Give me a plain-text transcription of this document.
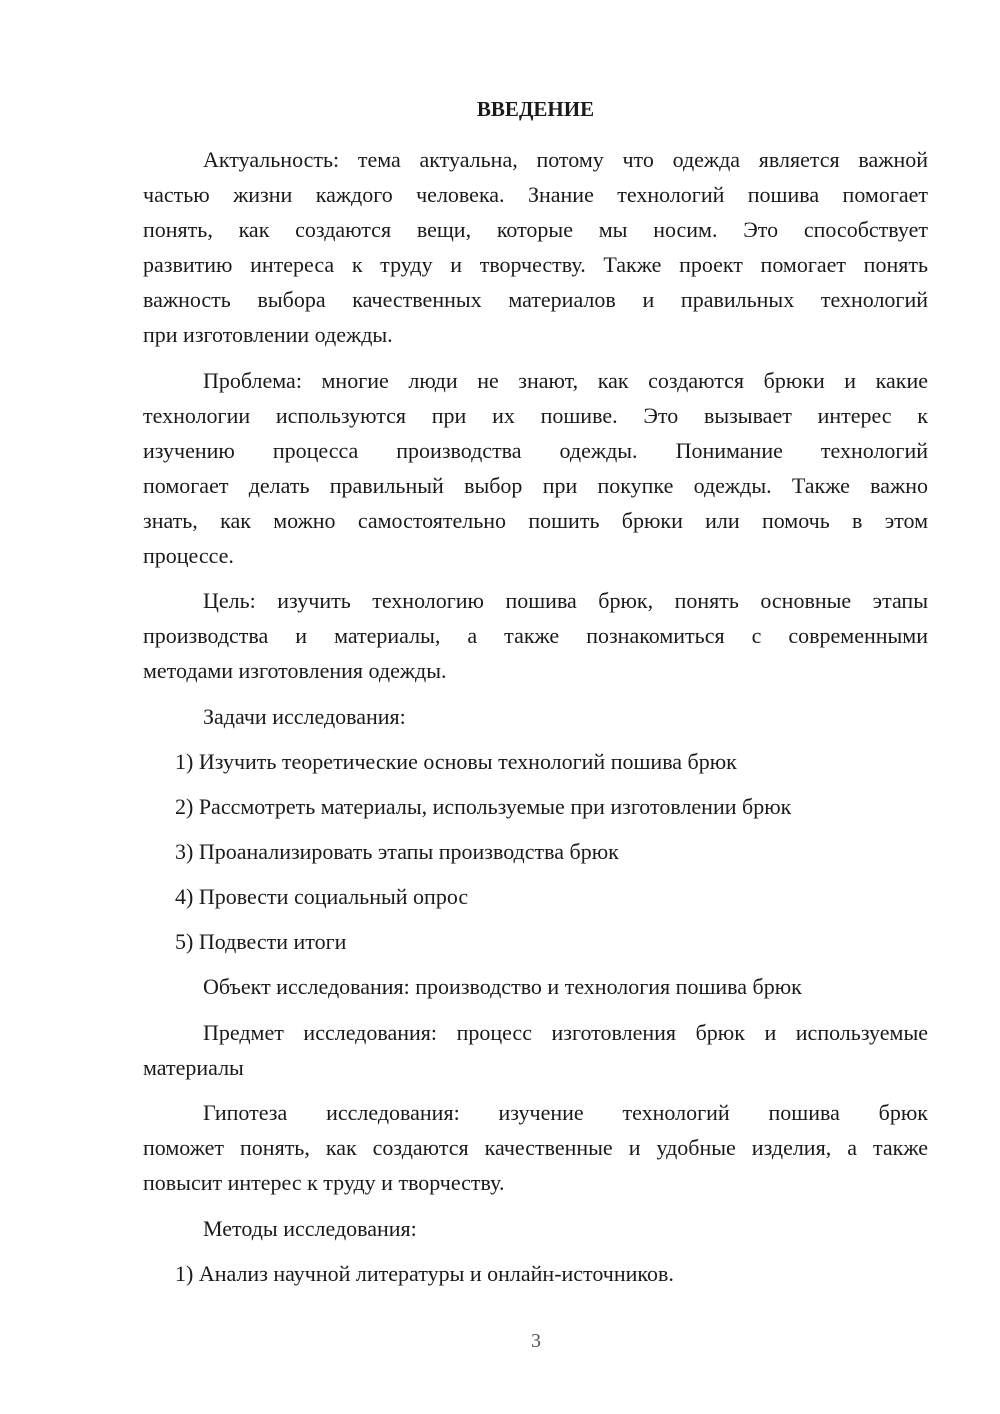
ВВЕДЕНИЕ
Актуальность: тема актуальна, потому что одежда является важной
частью жизни каждого человека. Знание технологий пошива помогает
понять, как создаются вещи, которые мы носим. Это способствует
развитию интереса к труду и творчеству. Также проект помогает понять
важность выбора качественных материалов и правильных технологий
при изготовлении одежды.
Проблема: многие люди не знают, как создаются брюки и какие
технологии используются при их пошиве. Это вызывает интерес к
изучению процесса производства одежды. Понимание технологий
помогает делать правильный выбор при покупке одежды. Также важно
знать, как можно самостоятельно пошить брюки или помочь в этом
процессе.
Цель: изучить технологию пошива брюк, понять основные этапы
производства и материалы, а также познакомиться с современными
методами изготовления одежды.
Задачи исследования:
1) Изучить теоретические основы технологий пошива брюк
2) Рассмотреть материалы, используемые при изготовлении брюк
3) Проанализировать этапы производства брюк
4) Провести социальный опрос
5) Подвести итоги
Объект исследования: производство и технология пошива брюк
Предмет исследования: процесс изготовления брюк и используемые
материалы
Гипотеза исследования: изучение технологий пошива брюк
поможет понять, как создаются качественные и удобные изделия, а также
повысит интерес к труду и творчеству.
Методы исследования:
1) Анализ научной литературы и онлайн-источников.
3
